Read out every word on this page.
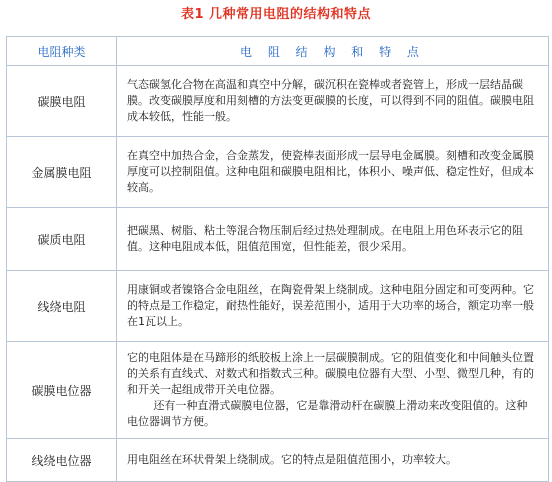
表1 几种常用电阻的结构和特点
电阻种类	电 阻 结 构 和 特 点
碳膜电阻	气态碳氢化合物在高温和真空中分解，碳沉积在瓷棒或者瓷管上，形成一层结晶碳膜。改变碳膜厚度和用刻槽的方法变更碳膜的长度，可以得到不同的阻值。碳膜电阻成本较低，性能一般。
金属膜电阻	在真空中加热合金，合金蒸发，使瓷棒表面形成一层导电金属膜。刻槽和改变金属膜厚度可以控制阻值。这种电阻和碳膜电阻相比，体积小、噪声低、稳定性好，但成本较高。
碳质电阻	把碳黑、树脂、粘土等混合物压制后经过热处理制成。在电阻上用色环表示它的阻值。这种电阻成本低，阻值范围宽，但性能差，很少采用。
线绕电阻	用康铜或者镍铬合金电阻丝，在陶瓷骨架上绕制成。这种电阻分固定和可变两种。它的特点是工作稳定，耐热性能好，误差范围小，适用于大功率的场合，额定功率一般在1瓦以上。
碳膜电位器	它的电阻体是在马蹄形的纸胶板上涂上一层碳膜制成。它的阻值变化和中间触头位置的关系有直线式、对数式和指数式三种。碳膜电位器有大型、小型、微型几种，有的和开关一起组成带开关电位器。
还有一种直滑式碳膜电位器，它是靠滑动杆在碳膜上滑动来改变阻值的。这种电位器调节方便。

线绕电位器	用电阻丝在环状骨架上绕制成。它的特点是阻值范围小，功率较大。
